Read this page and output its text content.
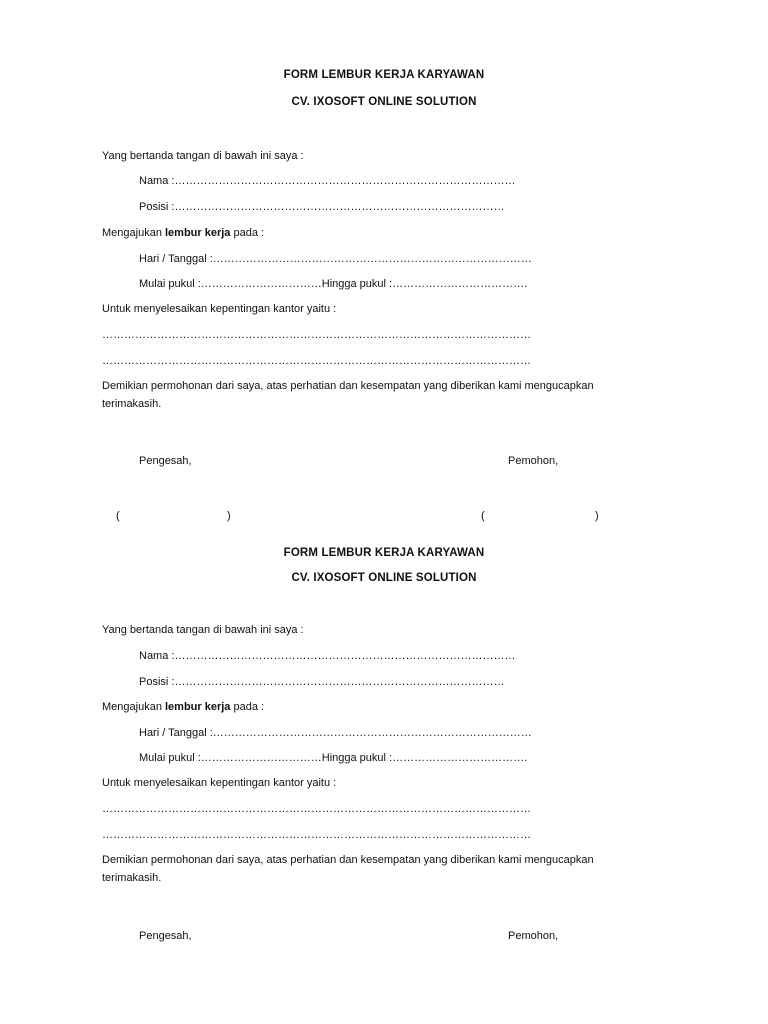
FORM LEMBUR KERJA KARYAWAN

CV. IXOSOFT ONLINE SOLUTION

Yang bertanda tangan di bawah ini saya :

Nama :…………………………………………………………………………………

Posisi :………………………………………………………………………………

Mengajukan lembur kerja pada :

Hari / Tanggal :……………………………………………………………………………

Mulai pukul :……………………………Hingga pukul :……………………………….

Untuk menyelesaikan kepentingan kantor yaitu :

………………………………………………………………………………………………………

………………………………………………………………………………………………………

Demikian permohonan dari saya, atas perhatian dan kesempatan yang diberikan kami mengucapkan

terimakasih.

Pengesah,	Pemohon,

(	)	(	)

FORM LEMBUR KERJA KARYAWAN

CV. IXOSOFT ONLINE SOLUTION

Yang bertanda tangan di bawah ini saya :

Nama :…………………………………………………………………………………

Posisi :………………………………………………………………………………

Mengajukan lembur kerja pada :

Hari / Tanggal :……………………………………………………………………………

Mulai pukul :……………………………Hingga pukul :……………………………….

Untuk menyelesaikan kepentingan kantor yaitu :

………………………………………………………………………………………………………

………………………………………………………………………………………………………

Demikian permohonan dari saya, atas perhatian dan kesempatan yang diberikan kami mengucapkan

terimakasih.

Pengesah,	Pemohon,
